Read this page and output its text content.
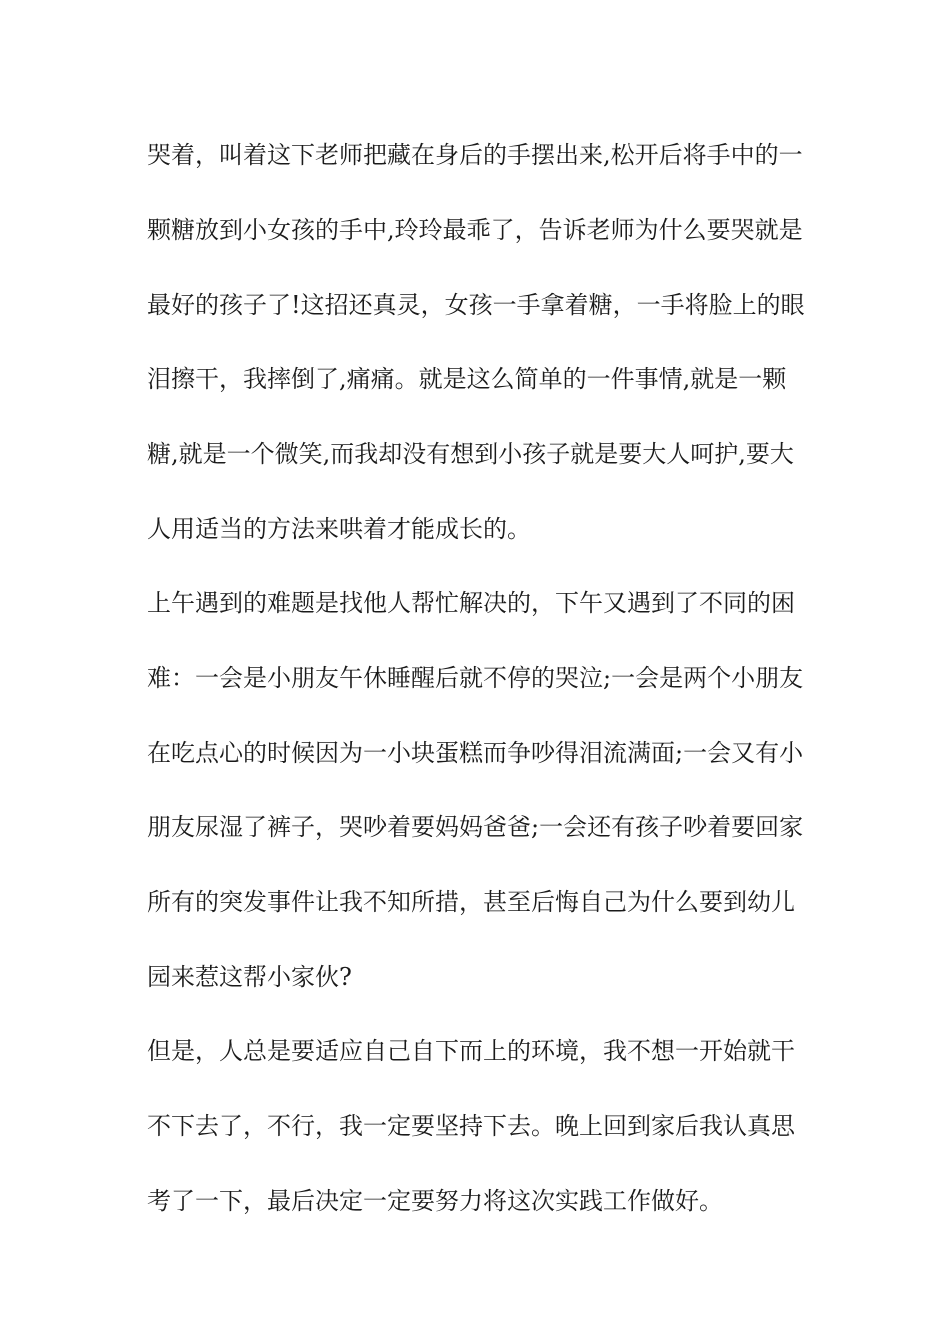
哭着，叫着这下老师把藏在身后的手摆出来,松开后将手中的一
颗糖放到小女孩的手中,玲玲最乖了，告诉老师为什么要哭就是
最好的孩子了!这招还真灵，女孩一手拿着糖，一手将脸上的眼
泪擦干，我摔倒了,痛痛。就是这么简单的一件事情,就是一颗
糖,就是一个微笑,而我却没有想到小孩子就是要大人呵护,要大
人用适当的方法来哄着才能成长的。
上午遇到的难题是找他人帮忙解决的，下午又遇到了不同的困
难：一会是小朋友午休睡醒后就不停的哭泣;一会是两个小朋友
在吃点心的时候因为一小块蛋糕而争吵得泪流满面;一会又有小
朋友尿湿了裤子，哭吵着要妈妈爸爸;一会还有孩子吵着要回家
所有的突发事件让我不知所措，甚至后悔自己为什么要到幼儿
园来惹这帮小家伙?
但是，人总是要适应自己自下而上的环境，我不想一开始就干
不下去了，不行，我一定要坚持下去。晚上回到家后我认真思
考了一下，最后决定一定要努力将这次实践工作做好。
